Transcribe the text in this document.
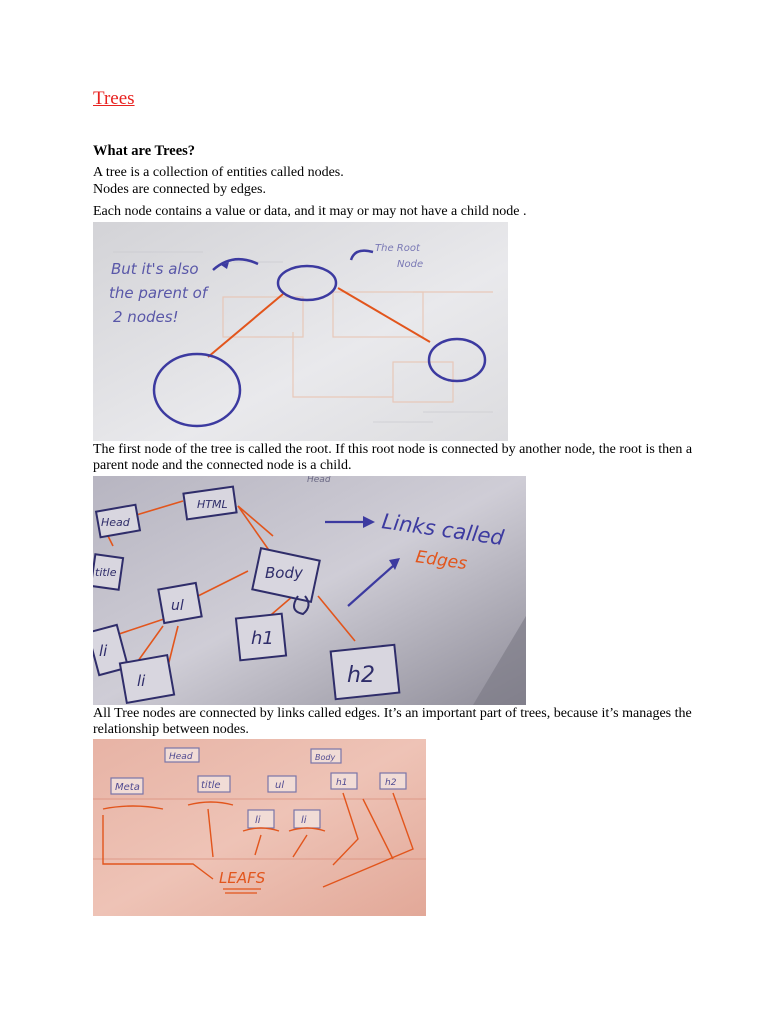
Trees
What are Trees?
A tree is a collection of entities called nodes.
Nodes are connected by edges.
Each node contains a value or data, and it may or may not have a child node .
But it's also
the parent of
2 nodes!
The Root
Node
The first node of the tree is called the root. If this root node is connected by another node, the root is then a parent node and the connected node is a child.
Head
HTML
title	Body
ul
h1
li
li	h2
Head
Links called
Edges
All Tree nodes are connected by links called edges. It’s an important part of trees, because it’s manages the relationship between nodes.
Head
Meta	title	ul
Body
h1	h2
li	li
LEAFS
